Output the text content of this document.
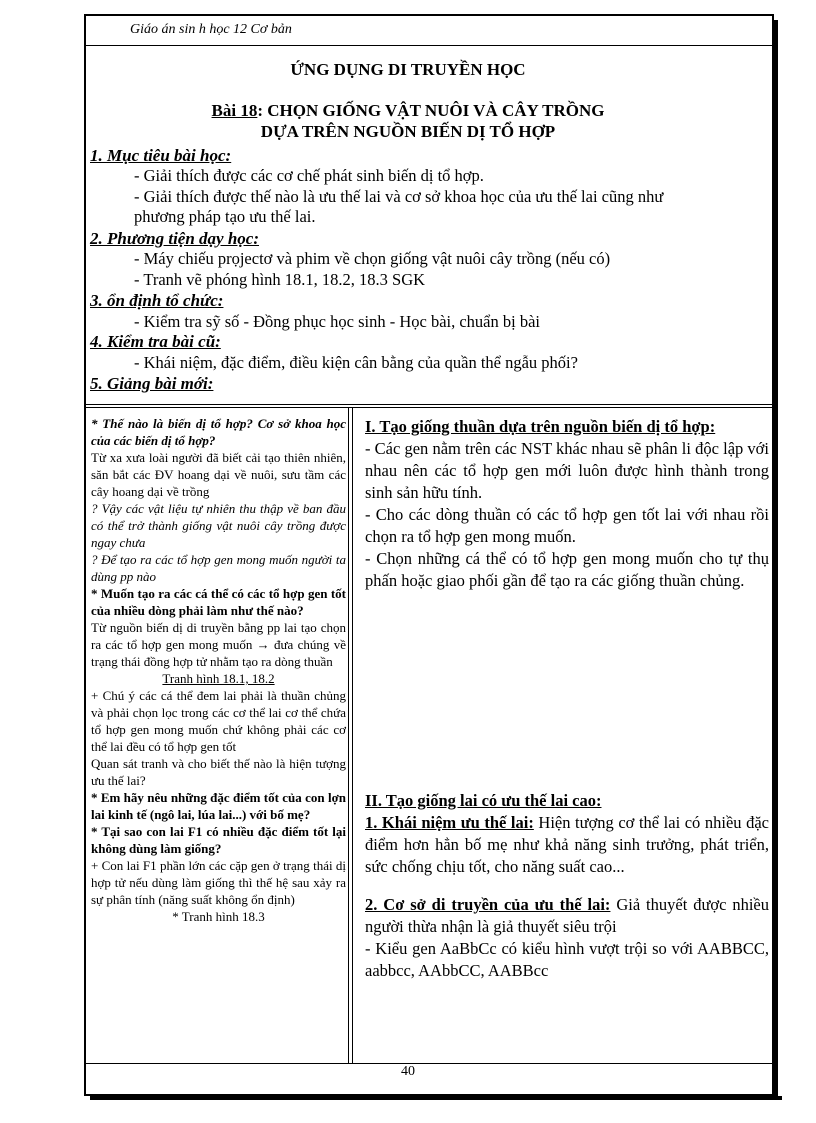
Giáo án sin h học 12 Cơ bản
ỨNG DỤNG DI TRUYỀN HỌC
Bài 18: CHỌN GIỐNG VẬT NUÔI VÀ CÂY TRỒNG
DỰA TRÊN NGUỒN BIẾN DỊ TỔ HỢP
1. Mục tiêu bài học:
- Giải thích được các cơ chế phát sinh biến dị tổ hợp.
- Giải thích được thế nào là ưu thế lai và cơ sở khoa học của ưu thế lai cũng như
phương pháp tạo ưu thế lai.
2. Phương tiện dạy học:
- Máy chiếu prọjectơ và phim về chọn giống vật nuôi cây trồng (nếu có)
- Tranh vẽ phóng hình 18.1, 18.2, 18.3 SGK
3. ổn định tổ chức:
- Kiểm tra sỹ số - Đồng phục học sinh - Học bài, chuẩn bị bài
4. Kiểm tra bài cũ:
- Khái niệm, đặc điểm, điều kiện cân bằng của quần thể ngẫu phối?
5. Giảng bài mới:

* Thế nào là biến dị tổ hợp? Cơ sở khoa học của các biến dị tổ hợp?

Từ xa xưa loài người đã biết cải tạo thiên nhiên, săn bắt các ĐV hoang dại về nuôi, sưu tầm các cây hoang dại về trồng

? Vậy các vật liệu tự nhiên thu thập về ban đầu có thể trở thành giống vật nuôi cây trồng được ngay chưa

? Để tạo ra các tổ hợp gen mong muốn người ta dùng pp nào

* Muốn tạo ra các cá thể có các tổ hợp gen tốt của nhiều dòng phải làm như thế nào?

Từ nguồn biến dị di truyền bằng pp lai tạo chọn ra các tổ hợp gen mong muốn → đưa chúng về trạng thái đồng hợp tử nhằm tạo ra dòng thuần

Tranh hình 18.1, 18.2

+ Chú ý các cá thể đem lai phải là thuần chủng và phải chọn lọc trong các cơ thể lai cơ thể chứa tổ hợp gen mong muốn chứ không phải các cơ thể lai đều có tổ hợp gen tốt

Quan sát tranh và cho biết thế nào là hiện tượng ưu thế lai?

* Em hãy nêu những đặc điểm tốt của con lợn lai kinh tế (ngô lai, lúa lai...) với bố mẹ?

* Tại sao con lai F1 có nhiều đặc điểm tốt lại không dùng làm giống?

+ Con lai F1 phần lớn các cặp gen ở trạng thái dị hợp tử nếu dùng làm giống thì thế hệ sau xảy ra sự phân tính (năng suất không ổn định)

* Tranh hình 18.3

I. Tạo giống thuần dựa trên nguồn biến dị tổ hợp:

- Các gen nằm trên các NST khác nhau sẽ phân li độc lập với nhau nên các tổ hợp gen mới luôn được hình thành trong sinh sản hữu tính.

- Cho các dòng thuần có các tổ hợp gen tốt lai với nhau rồi chọn ra tổ hợp gen mong muốn.

- Chọn những cá thể có tổ hợp gen mong muốn cho tự thụ phấn hoặc giao phối gần để tạo ra các giống thuần chủng.

II. Tạo giống lai có ưu thế lai cao:

1. Khái niệm ưu thế lai: Hiện tượng cơ thể lai có nhiều đặc điểm hơn hẳn bố mẹ như khả năng sinh trưởng, phát triển, sức chống chịu tốt, cho năng suất cao...

2. Cơ sở di truyền của ưu thế lai: Giả thuyết được nhiều người thừa nhận là giả thuyết siêu trội

- Kiểu gen AaBbCc có kiểu hình vượt trội so với AABBCC, aabbcc, AAbbCC, AABBcc

40
